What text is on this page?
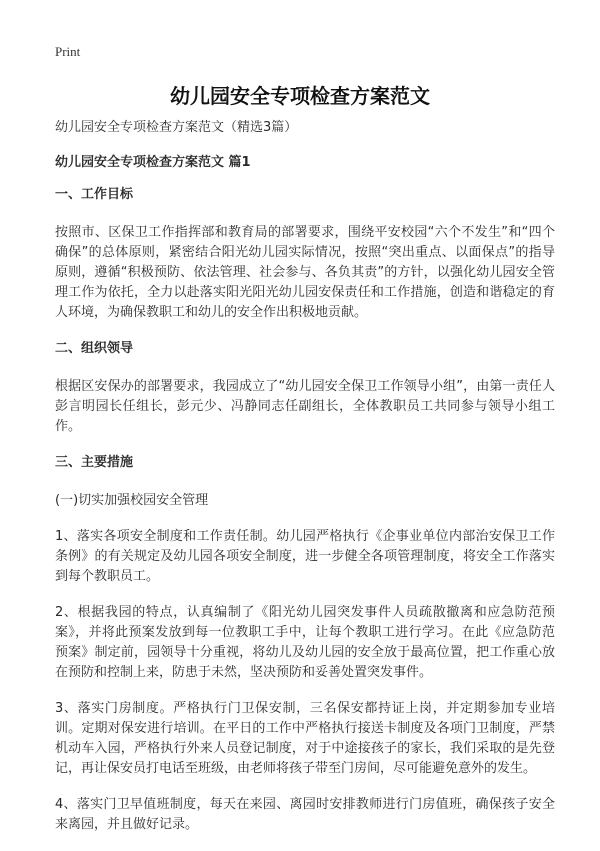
Print
幼儿园安全专项检查方案范文

幼儿园安全专项检查方案范文（精选3篇）

幼儿园安全专项检查方案范文 篇1

一、工作目标

按照市、区保卫工作指挥部和教育局的部署要求，围绕平安校园“六个不发生”和“四个确保”的总体原则，紧密结合阳光幼儿园实际情况，按照“突出重点、以面保点”的指导原则，遵循“积极预防、依法管理、社会参与、各负其责”的方针，以强化幼儿园安全管理工作为依托，全力以赴落实阳光阳光幼儿园安保责任和工作措施，创造和谐稳定的育人环境，为确保教职工和幼儿的安全作出积极地贡献。

二、组织领导

根据区安保办的部署要求，我园成立了“幼儿园安全保卫工作领导小组”，由第一责任人彭言明园长任组长，彭元少、冯静同志任副组长，全体教职员工共同参与领导小组工作。

三、主要措施

(一)切实加强校园安全管理

1、落实各项安全制度和工作责任制。幼儿园严格执行《企事业单位内部治安保卫工作条例》的有关规定及幼儿园各项安全制度，进一步健全各项管理制度，将安全工作落实到每个教职员工。

2、根据我园的特点，认真编制了《阳光幼儿园突发事件人员疏散撤离和应急防范预案》，并将此预案发放到每一位教职工手中，让每个教职工进行学习。在此《应急防范预案》制定前，园领导十分重视，将幼儿及幼儿园的安全放于最高位置，把工作重心放在预防和控制上来，防患于未然，坚决预防和妥善处置突发事件。

3、落实门房制度。严格执行门卫保安制，三名保安都持证上岗，并定期参加专业培训。定期对保安进行培训。在平日的工作中严格执行接送卡制度及各项门卫制度，严禁机动车入园，严格执行外来人员登记制度，对于中途接孩子的家长，我们采取的是先登记，再让保安员打电话至班级，由老师将孩子带至门房间，尽可能避免意外的发生。

4、落实门卫早值班制度，每天在来园、离园时安排教师进行门房值班，确保孩子安全来离园，并且做好记录。
